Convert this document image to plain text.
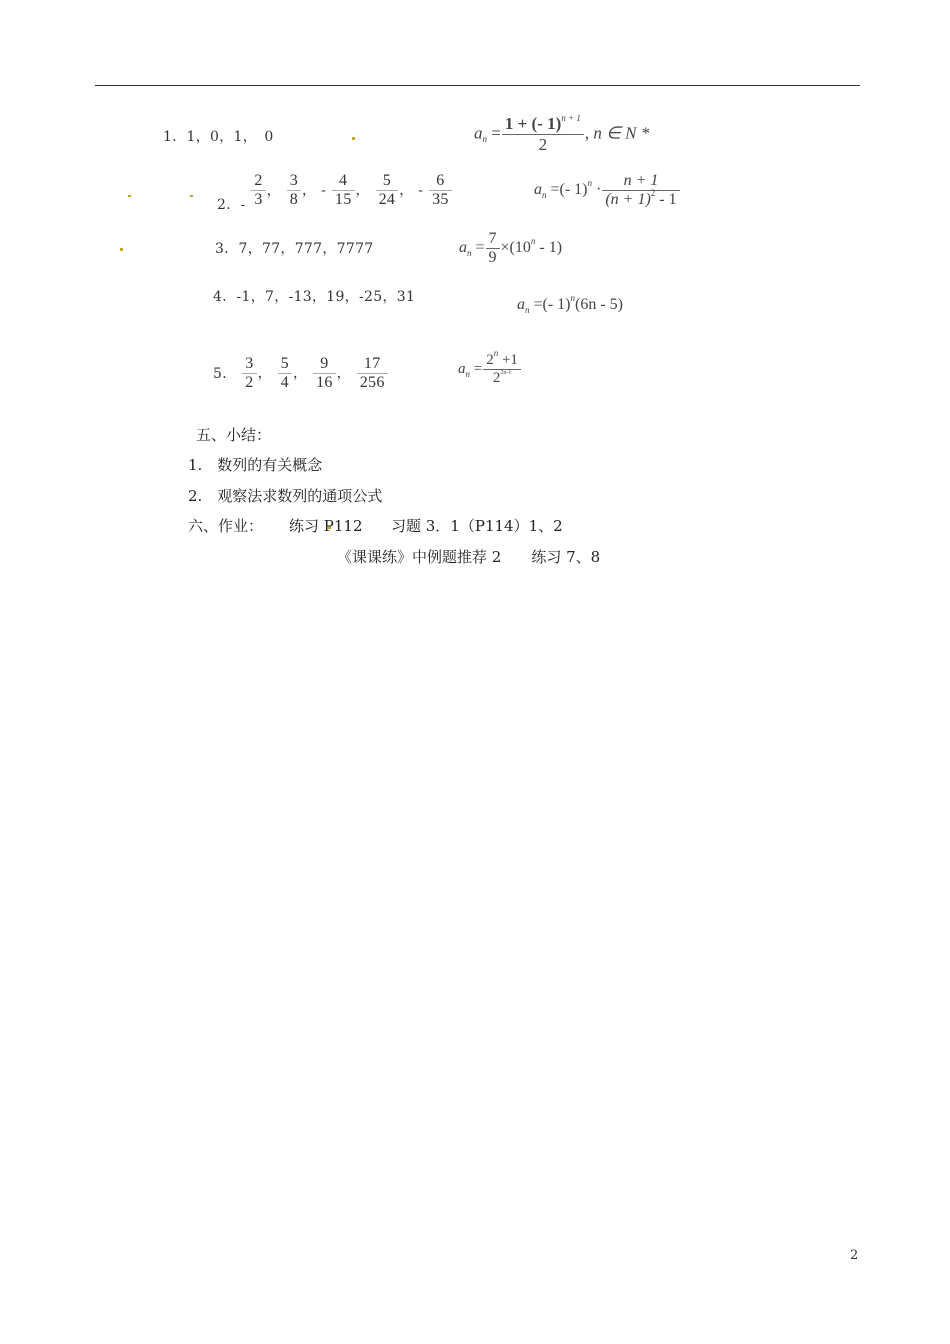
1．1，0，1，　0	$a_n = \frac{1 + (- 1)^{n + 1}}{2}$ , n ∈ N *
2．- $\frac{2}{3}$ ， $\frac{3}{8}$ ， - $\frac{4}{15}$ ， $\frac{5}{24}$ ， - $\frac{6}{35}$	$a_n$ =(- $1)^n \cdot \frac{n + 1}{(n + 1)^2 - 1}$
3．7，77，777，7777	$a_n = \frac{7}{9} \times(10^n - 1)$
4．-1，7，-13，19，-25，31	$a_n$ =(- 1)$^n$(6n - 5)
5． $\frac{3}{2}$ ， $\frac{5}{4}$ ， $\frac{9}{16}$ ， $\frac{17}{256}$	$a_n = \frac{2^n +1}{2^{2n-1}}$
五、小结：
1.　数列的有关概念
2.　观察法求数列的通项公式
六、作业： 练习 P112 习题 3．1（P114）1、2
《课课练》中例题推荐 2　　练习 7、8
2
